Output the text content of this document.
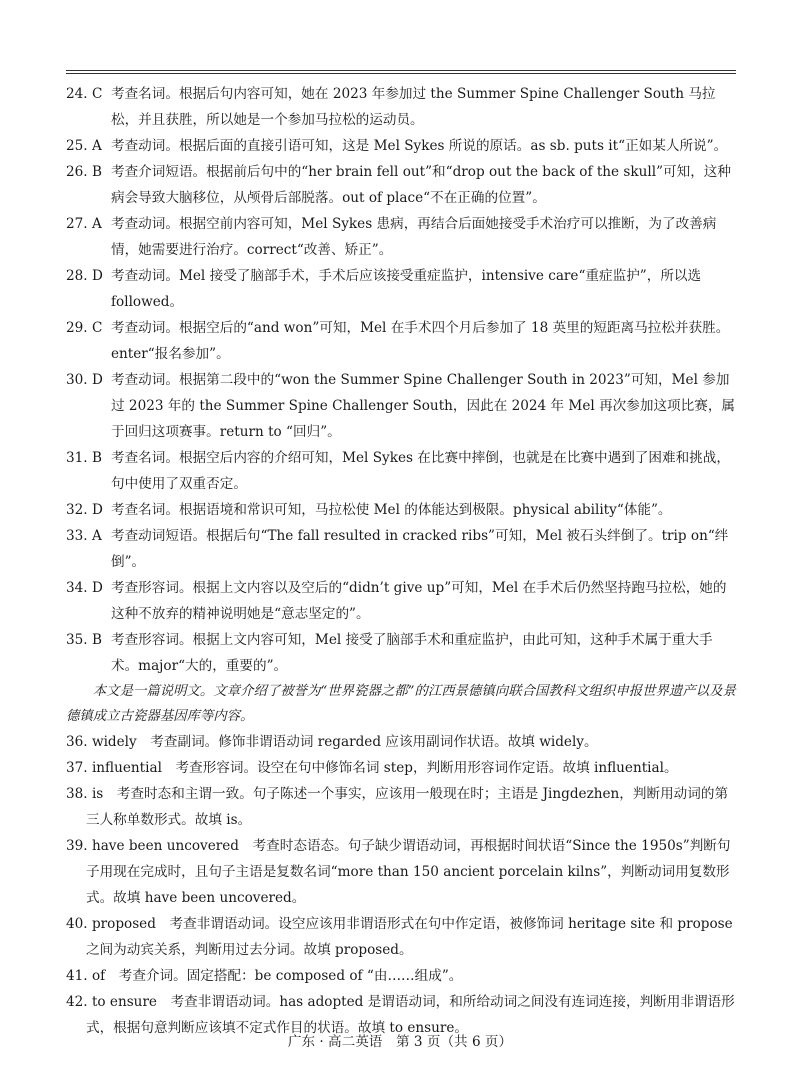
24. C 考查名词。根据后句内容可知，她在 2023 年参加过 the Summer Spine Challenger South 马拉松，并且获胜，所以她是一个参加马拉松的运动员。
25. A 考查动词。根据后面的直接引语可知，这是 Mel Sykes 所说的原话。as sb. puts it“正如某人所说”。
26. B 考查介词短语。根据前后句中的“her brain fell out”和“drop out the back of the skull”可知，这种病会导致大脑移位，从颅骨后部脱落。out of place“不在正确的位置”。
27. A 考查动词。根据空前内容可知，Mel Sykes 患病，再结合后面她接受手术治疗可以推断，为了改善病情，她需要进行治疗。correct“改善、矫正”。
28. D 考查动词。Mel 接受了脑部手术，手术后应该接受重症监护，intensive care“重症监护”，所以选 followed。
29. C 考查动词。根据空后的“and won”可知，Mel 在手术四个月后参加了 18 英里的短距离马拉松并获胜。enter“报名参加”。
30. D 考查动词。根据第二段中的“won the Summer Spine Challenger South in 2023”可知，Mel 参加过 2023 年的 the Summer Spine Challenger South，因此在 2024 年 Mel 再次参加这项比赛，属于回归这项赛事。return to “回归”。
31. B 考查名词。根据空后内容的介绍可知，Mel Sykes 在比赛中摔倒，也就是在比赛中遇到了困难和挑战，句中使用了双重否定。
32. D 考查名词。根据语境和常识可知，马拉松使 Mel 的体能达到极限。physical ability“体能”。
33. A 考查动词短语。根据后句“The fall resulted in cracked ribs”可知，Mel 被石头绊倒了。trip on“绊倒”。
34. D 考查形容词。根据上文内容以及空后的“didn’t give up”可知，Mel 在手术后仍然坚持跑马拉松，她的这种不放弃的精神说明她是“意志坚定的”。
35. B 考查形容词。根据上文内容可知，Mel 接受了脑部手术和重症监护，由此可知，这种手术属于重大手术。major“大的，重要的”。

本文是一篇说明文。文章介绍了被誉为“世界瓷器之都”的江西景德镇向联合国教科文组织申报世界遗产以及景德镇成立古瓷器基因库等内容。

36. widely  考查副词。修饰非谓语动词 regarded 应该用副词作状语。故填 widely。
37. influential  考查形容词。设空在句中修饰名词 step，判断用形容词作定语。故填 influential。
38. is  考查时态和主谓一致。句子陈述一个事实，应该用一般现在时；主语是 Jingdezhen，判断用动词的第三人称单数形式。故填 is。
39. have been uncovered  考查时态语态。句子缺少谓语动词，再根据时间状语“Since the 1950s”判断句子用现在完成时，且句子主语是复数名词“more than 150 ancient porcelain kilns”，判断动词用复数形式。故填 have been uncovered。
40. proposed  考查非谓语动词。设空应该用非谓语形式在句中作定语，被修饰词 heritage site 和 propose 之间为动宾关系，判断用过去分词。故填 proposed。
41. of  考查介词。固定搭配：be composed of “由……组成”。
42. to ensure  考查非谓语动词。has adopted 是谓语动词，和所给动词之间没有连词连接，判断用非谓语形式，根据句意判断应该填不定式作目的状语。故填 to ensure。
广东 · 高二英语　第 3 页（共 6 页）
